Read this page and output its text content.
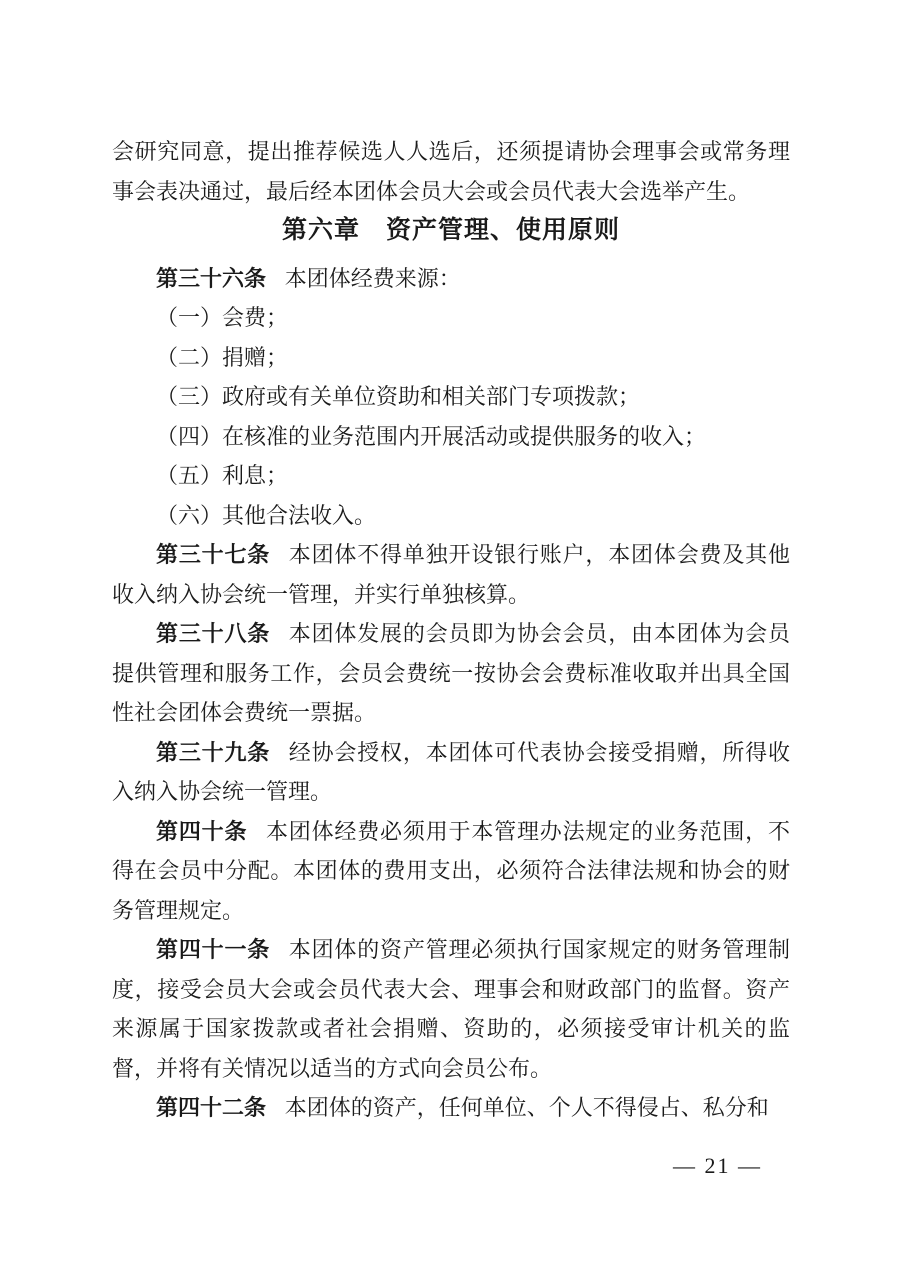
会研究同意，提出推荐候选人人选后，还须提请协会理事会或常务理事会表决通过，最后经本团体会员大会或会员代表大会选举产生。

第六章　资产管理、使用原则

第三十六条 本团体经费来源：

（一）会费；

（二）捐赠；

（三）政府或有关单位资助和相关部门专项拨款；

（四）在核准的业务范围内开展活动或提供服务的收入；

（五）利息；

（六）其他合法收入。

第三十七条 本团体不得单独开设银行账户，本团体会费及其他收入纳入协会统一管理，并实行单独核算。

第三十八条 本团体发展的会员即为协会会员，由本团体为会员提供管理和服务工作，会员会费统一按协会会费标准收取并出具全国性社会团体会费统一票据。

第三十九条 经协会授权，本团体可代表协会接受捐赠，所得收入纳入协会统一管理。

第四十条 本团体经费必须用于本管理办法规定的业务范围，不得在会员中分配。本团体的费用支出，必须符合法律法规和协会的财务管理规定。

第四十一条 本团体的资产管理必须执行国家规定的财务管理制度，接受会员大会或会员代表大会、理事会和财政部门的监督。资产来源属于国家拨款或者社会捐赠、资助的，必须接受审计机关的监督，并将有关情况以适当的方式向会员公布。

第四十二条 本团体的资产，任何单位、个人不得侵占、私分和

— 21 —
